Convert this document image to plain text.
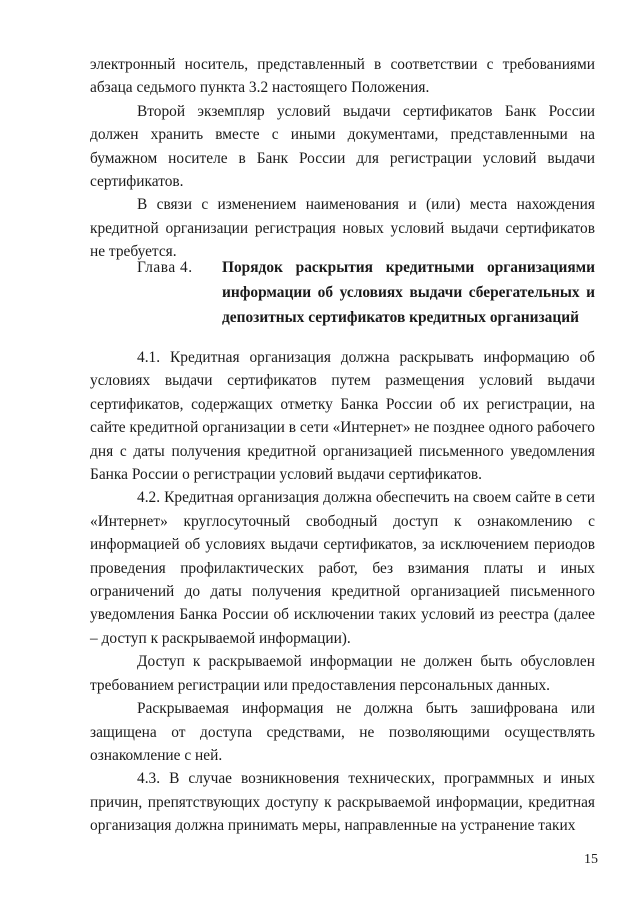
электронный носитель, представленный в соответствии с требованиями абзаца седьмого пункта 3.2 настоящего Положения.

Второй экземпляр условий выдачи сертификатов Банк России должен хранить вместе с иными документами, представленными на бумажном носителе в Банк России для регистрации условий выдачи сертификатов.

В связи с изменением наименования и (или) места нахождения кредитной организации регистрация новых условий выдачи сертификатов не требуется.

Глава 4.	Порядок раскрытия кредитными организациями информации об условиях выдачи сберегательных и депозитных сертификатов кредитных организаций

4.1. Кредитная организация должна раскрывать информацию об условиях выдачи сертификатов путем размещения условий выдачи сертификатов, содержащих отметку Банка России об их регистрации, на сайте кредитной организации в сети «Интернет» не позднее одного рабочего дня с даты получения кредитной организацией письменного уведомления Банка России о регистрации условий выдачи сертификатов.

4.2. Кредитная организация должна обеспечить на своем сайте в сети «Интернет» круглосуточный свободный доступ к ознакомлению с информацией об условиях выдачи сертификатов, за исключением периодов проведения профилактических работ, без взимания платы и иных ограничений до даты получения кредитной организацией письменного уведомления Банка России об исключении таких условий из реестра (далее – доступ к раскрываемой информации).

Доступ к раскрываемой информации не должен быть обусловлен требованием регистрации или предоставления персональных данных.

Раскрываемая информация не должна быть зашифрована или защищена от доступа средствами, не позволяющими осуществлять ознакомление с ней.

4.3. В случае возникновения технических, программных и иных причин, препятствующих доступу к раскрываемой информации, кредитная организация должна принимать меры, направленные на устранение таких

15
